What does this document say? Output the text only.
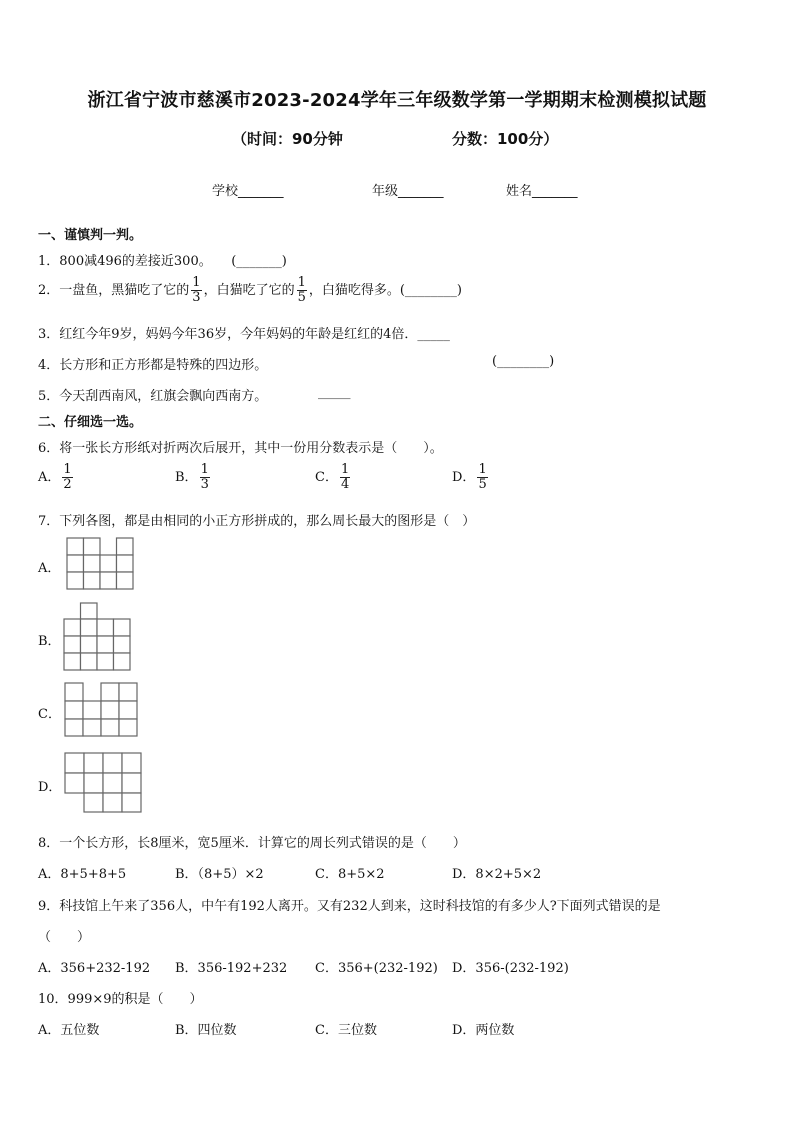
浙江省宁波市慈溪市2023-2024学年三年级数学第一学期期末检测模拟试题
（时间：90分钟	分数：100分）
学校_______	年级_______	姓名_______
一、谨慎判一判。
1．800减496的差接近300。　　(_______)
2．一盘鱼，黑猫吃了它的 $\frac{1}{3}$ ，白猫吃了它的 $\frac{1}{5}$ ，白猫吃得多。(________)
3．红红今年9岁，妈妈今年36岁，今年妈妈的年龄是红红的4倍．_____
4．长方形和正方形都是特殊的四边形。	(________)
5．今天刮西南风，红旗会飘向西南方。	_____
二、仔细选一选。
6．将一张长方形纸对折两次后展开，其中一份用分数表示是（　　）。
A． $\frac{1}{2}$	B． $\frac{1}{3}$	C． $\frac{1}{4}$	D． $\frac{1}{5}$
7．下列各图，都是由相同的小正方形拼成的，那么周长最大的图形是（　）
A．
B．
C．
D．
8．一个长方形，长8厘米，宽5厘米．计算它的周长列式错误的是（　　）
A．8+5+8+5	B．（8+5）×2	C．8+5×2	D．8×2+5×2
9．科技馆上午来了356人，中午有192人离开。又有232人到来，这时科技馆的有多少人?下面列式错误的是
（　　）
A．356+232-192 B．356-192+232 C．356+(232-192) D．356-(232-192)
10．999×9的积是（　　）
A．五位数	B．四位数	C．三位数	D．两位数
